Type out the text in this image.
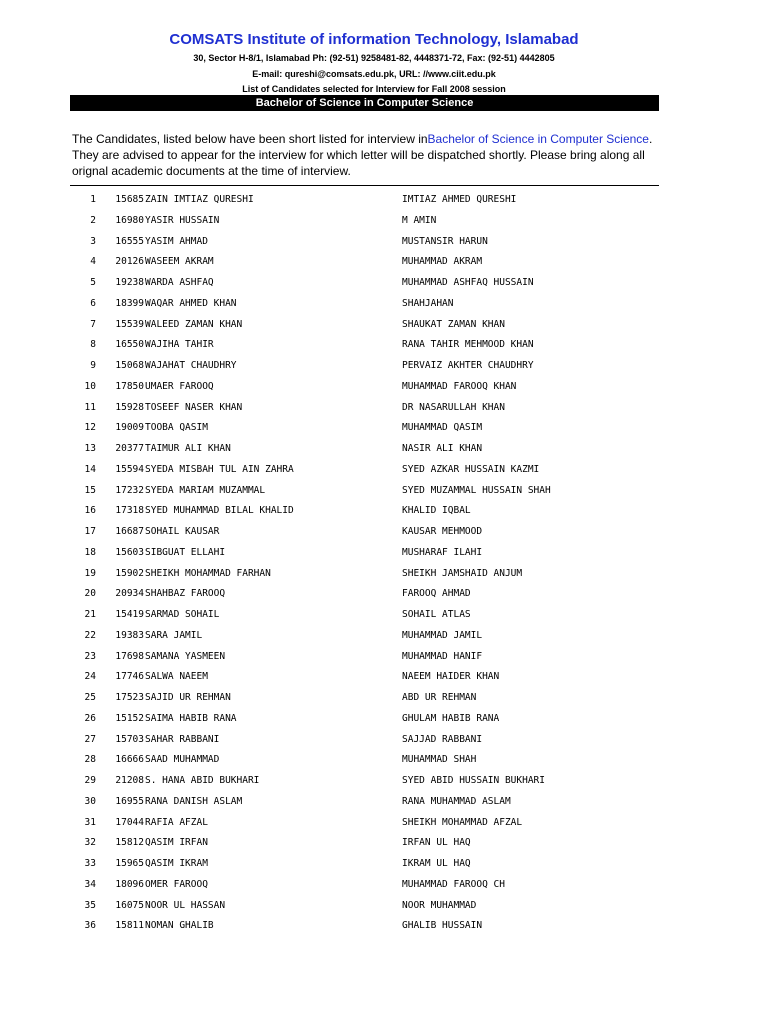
COMSATS Institute of information Technology, Islamabad
30, Sector H-8/1, Islamabad Ph: (92-51) 9258481-82, 4448371-72, Fax: (92-51) 4442805
E-mail: qureshi@comsats.edu.pk, URL: //www.ciit.edu.pk
List of Candidates selected for Interview for Fall 2008 session
Bachelor of Science in Computer Science
The Candidates, listed below have been short listed for interview inBachelor of Science in Computer Science. They are advised to appear for the interview for which letter will be dispatched shortly. Please bring along all orignal academic documents at the time of interview.
1	15685 ZAIN IMTIAZ QURESHI	IMTIAZ AHMED QURESHI
2	16980 YASIR HUSSAIN	M AMIN
3	16555 YASIM AHMAD	MUSTANSIR HARUN
4	20126 WASEEM AKRAM	MUHAMMAD AKRAM
5	19238 WARDA ASHFAQ	MUHAMMAD ASHFAQ HUSSAIN
6	18399 WAQAR AHMED KHAN	SHAHJAHAN
7	15539 WALEED ZAMAN KHAN	SHAUKAT ZAMAN KHAN
8	16550 WAJIHA TAHIR	RANA TAHIR MEHMOOD KHAN
9	15068 WAJAHAT CHAUDHRY	PERVAIZ AKHTER CHAUDHRY
10	17850 UMAER FAROOQ	MUHAMMAD FAROOQ KHAN
11	15928 TOSEEF NASER KHAN	DR NASARULLAH KHAN
12	19009 TOOBA QASIM	MUHAMMAD QASIM
13	20377 TAIMUR ALI KHAN	NASIR ALI KHAN
14	15594 SYEDA MISBAH TUL AIN ZAHRA	SYED AZKAR HUSSAIN KAZMI
15	17232 SYEDA MARIAM MUZAMMAL	SYED MUZAMMAL HUSSAIN SHAH
16	17318 SYED MUHAMMAD BILAL KHALID	KHALID IQBAL
17	16687 SOHAIL KAUSAR	KAUSAR MEHMOOD
18	15603 SIBGUAT ELLAHI	MUSHARAF ILAHI
19	15902 SHEIKH MOHAMMAD FARHAN	SHEIKH JAMSHAID ANJUM
20	20934 SHAHBAZ FAROOQ	FAROOQ AHMAD
21	15419 SARMAD SOHAIL	SOHAIL ATLAS
22	19383 SARA JAMIL	MUHAMMAD JAMIL
23	17698 SAMANA YASMEEN	MUHAMMAD HANIF
24	17746 SALWA NAEEM	NAEEM HAIDER KHAN
25	17523 SAJID UR REHMAN	ABD UR REHMAN
26	15152 SAIMA HABIB RANA	GHULAM HABIB RANA
27	15703 SAHAR RABBANI	SAJJAD RABBANI
28	16666 SAAD MUHAMMAD	MUHAMMAD SHAH
29	21208 S. HANA ABID BUKHARI	SYED ABID HUSSAIN BUKHARI
30	16955 RANA DANISH ASLAM	RANA MUHAMMAD ASLAM
31	17044 RAFIA AFZAL	SHEIKH MOHAMMAD AFZAL
32	15812 QASIM IRFAN	IRFAN UL HAQ
33	15965 QASIM IKRAM	IKRAM UL HAQ
34	18096 OMER FAROOQ	MUHAMMAD FAROOQ CH
35	16075 NOOR UL HASSAN	NOOR MUHAMMAD
36	15811 NOMAN GHALIB	GHALIB HUSSAIN
